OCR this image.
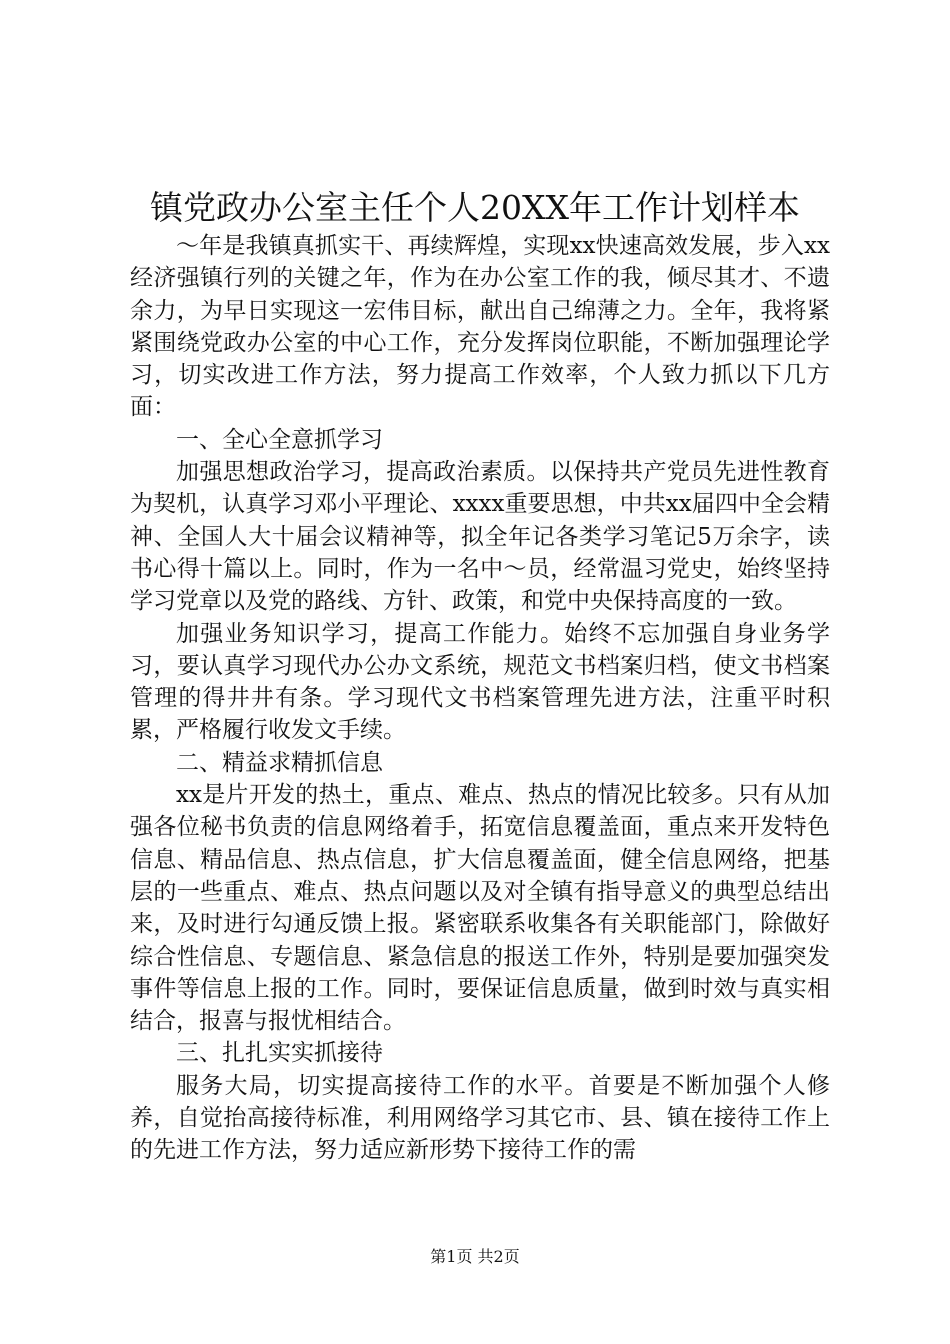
镇党政办公室主任个人20XX年工作计划样本

～年是我镇真抓实干、再续辉煌，实现xx快速高效发展，步入xx经济强镇行列的关键之年，作为在办公室工作的我，倾尽其才、不遗余力，为早日实现这一宏伟目标，献出自己绵薄之力。全年，我将紧紧围绕党政办公室的中心工作，充分发挥岗位职能，不断加强理论学习，切实改进工作方法，努力提高工作效率，个人致力抓以下几方面：

一、全心全意抓学习

加强思想政治学习，提高政治素质。以保持共产党员先进性教育为契机，认真学习邓小平理论、xxxx重要思想，中共xx届四中全会精神、全国人大十届会议精神等，拟全年记各类学习笔记5万余字，读书心得十篇以上。同时，作为一名中～员，经常温习党史，始终坚持学习党章以及党的路线、方针、政策，和党中央保持高度的一致。

加强业务知识学习，提高工作能力。始终不忘加强自身业务学习，要认真学习现代办公办文系统，规范文书档案归档，使文书档案管理的得井井有条。学习现代文书档案管理先进方法，注重平时积累，严格履行收发文手续。

二、精益求精抓信息

xx是片开发的热土，重点、难点、热点的情况比较多。只有从加强各位秘书负责的信息网络着手，拓宽信息覆盖面，重点来开发特色信息、精品信息、热点信息，扩大信息覆盖面，健全信息网络，把基层的一些重点、难点、热点问题以及对全镇有指导意义的典型总结出来，及时进行勾通反馈上报。紧密联系收集各有关职能部门，除做好综合性信息、专题信息、紧急信息的报送工作外，特别是要加强突发事件等信息上报的工作。同时，要保证信息质量，做到时效与真实相结合，报喜与报忧相结合。

三、扎扎实实抓接待

服务大局，切实提高接待工作的水平。首要是不断加强个人修养，自觉抬高接待标准，利用网络学习其它市、县、镇在接待工作上的先进工作方法，努力适应新形势下接待工作的需

第1页 共2页
